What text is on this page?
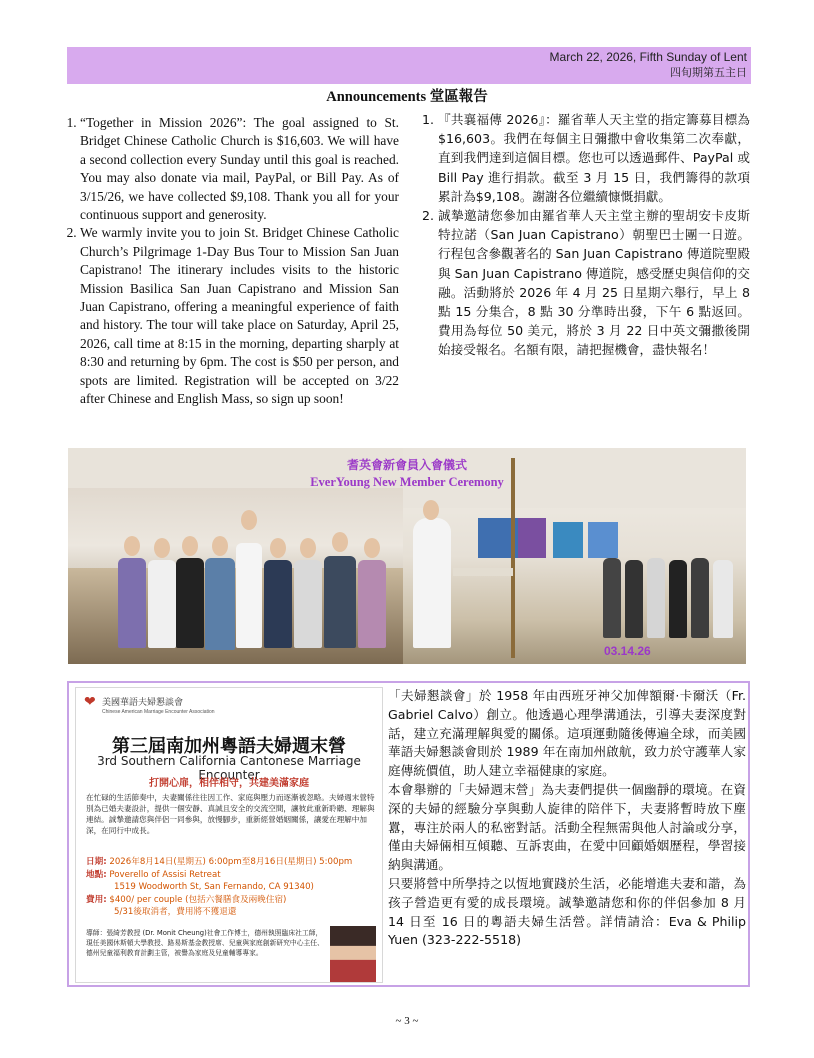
March 22, 2026, Fifth Sunday of Lent
四旬期第五主日
Announcements 堂區報告
1. “Together in Mission 2026”: The goal assigned to St. Bridget Chinese Catholic Church is $16,603. We will have a second collection every Sunday until this goal is reached. You may also donate via mail, PayPal, or Bill Pay. As of 3/15/26, we have collected $9,108. Thank you all for your continuous support and generosity.
2. We warmly invite you to join St. Bridget Chinese Catholic Church’s Pilgrimage 1-Day Bus Tour to Mission San Juan Capistrano! The itinerary includes visits to the historic Mission Basilica San Juan Capistrano and Mission San Juan Capistrano, offering a meaningful experience of faith and history. The tour will take place on Saturday, April 25, 2026, call time at 8:15 in the morning, departing sharply at 8:30 and returning by 6pm. The cost is $50 per person, and spots are limited. Registration will be accepted on 3/22 after Chinese and English Mass, so sign up soon!
1. 『共襄福傳 2026』：羅省華人天主堂的指定籌募目標為$16,603。我們在每個主日彌撒中會收集第二次奉獻，直到我們達到這個目標。您也可以透過郵件、PayPal 或 Bill Pay 進行捐款。截至 3 月 15 日，我們籌得的款項累計為$9,108。謝謝各位繼續慷慨捐獻。
2. 誠摯邀請您參加由羅省華人天主堂主辦的聖胡安卡皮斯特拉諾（San Juan Capistrano）朝聖巴士團一日遊。行程包含參觀著名的 San Juan Capistrano 傳道院聖殿與 San Juan Capistrano 傳道院，感受歷史與信仰的交融。活動將於 2026 年 4 月 25 日星期六舉行，早上 8 點 15 分集合，8 點 30 分準時出發，下午 6 點返回。費用為每位 50 美元，將於 3 月 22 日中英文彌撒後開始接受報名。名額有限，請把握機會，盡快報名！
耆英會新會員入會儀式
EverYoung New Member Ceremony
03.14.26
❤ 美國華語夫婦懇談會
Chinese American Marriage Encounter Association
第三屆南加州粵語夫婦週末營
3rd Southern California Cantonese Marriage Encounter
打開心扉，相伴相守，共建美滿家庭
在忙碌的生活節奏中，夫妻關係往往因工作、家庭與壓力而逐漸被忽略。夫婦週末營特別為已婚夫妻設計，提供一個安靜、真誠且安全的交流空間，讓彼此重新聆聽、理解與連結。誠摯邀請您與伴侶一同參與，放慢腳步，重新經營婚姻關係，讓愛在理解中加深，在同行中成長。
日期: 2026年8月14日(星期五) 6:00pm至8月16日(星期日) 5:00pm
地點: Poverello of Assisi Retreat
1519 Woodworth St, San Fernando, CA 91340)
費用: $400/ per couple (包括六餐膳食及兩晚住宿)
5/31後取消者，費用將不獲退還
導師：張綺芳教授 (Dr. Monit Cheung)社會工作博士，德州執照臨床社工師，現任美國休斯頓大學教授、路易斯基金教授席、兒童與家庭創新研究中心主任、德州兒童福利教育計劃主管，被譽為家庭及兒童輔導專家。

「夫婦懇談會」於 1958 年由西班牙神父加俾額爾·卡爾沃（Fr. Gabriel Calvo）創立。他透過心理學溝通法，引導夫妻深度對話，建立充滿理解與愛的關係。這項運動隨後傳遍全球，而美國華語夫婦懇談會則於 1989 年在南加州啟航，致力於守護華人家庭傳統價值，助人建立幸福健康的家庭。

本會舉辦的「夫婦週末營」為夫妻們提供一個幽靜的環境。在資深的夫婦的經驗分享與動人旋律的陪伴下，夫妻將暫時放下塵囂，專注於兩人的私密對話。活動全程無需與他人討論或分享，僅由夫婦倆相互傾聽、互訴衷曲，在愛中回顧婚姻歷程，學習接納與溝通。

只要將營中所學持之以恆地實踐於生活，必能增進夫妻和諧，為孩子營造更有愛的成長環境。誠摯邀請您和你的伴侶參加 8 月 14 日至 16 日的粵語夫婦生活營。詳情請洽：Eva & Philip Yuen (323-222-5518)

~ 3 ~
